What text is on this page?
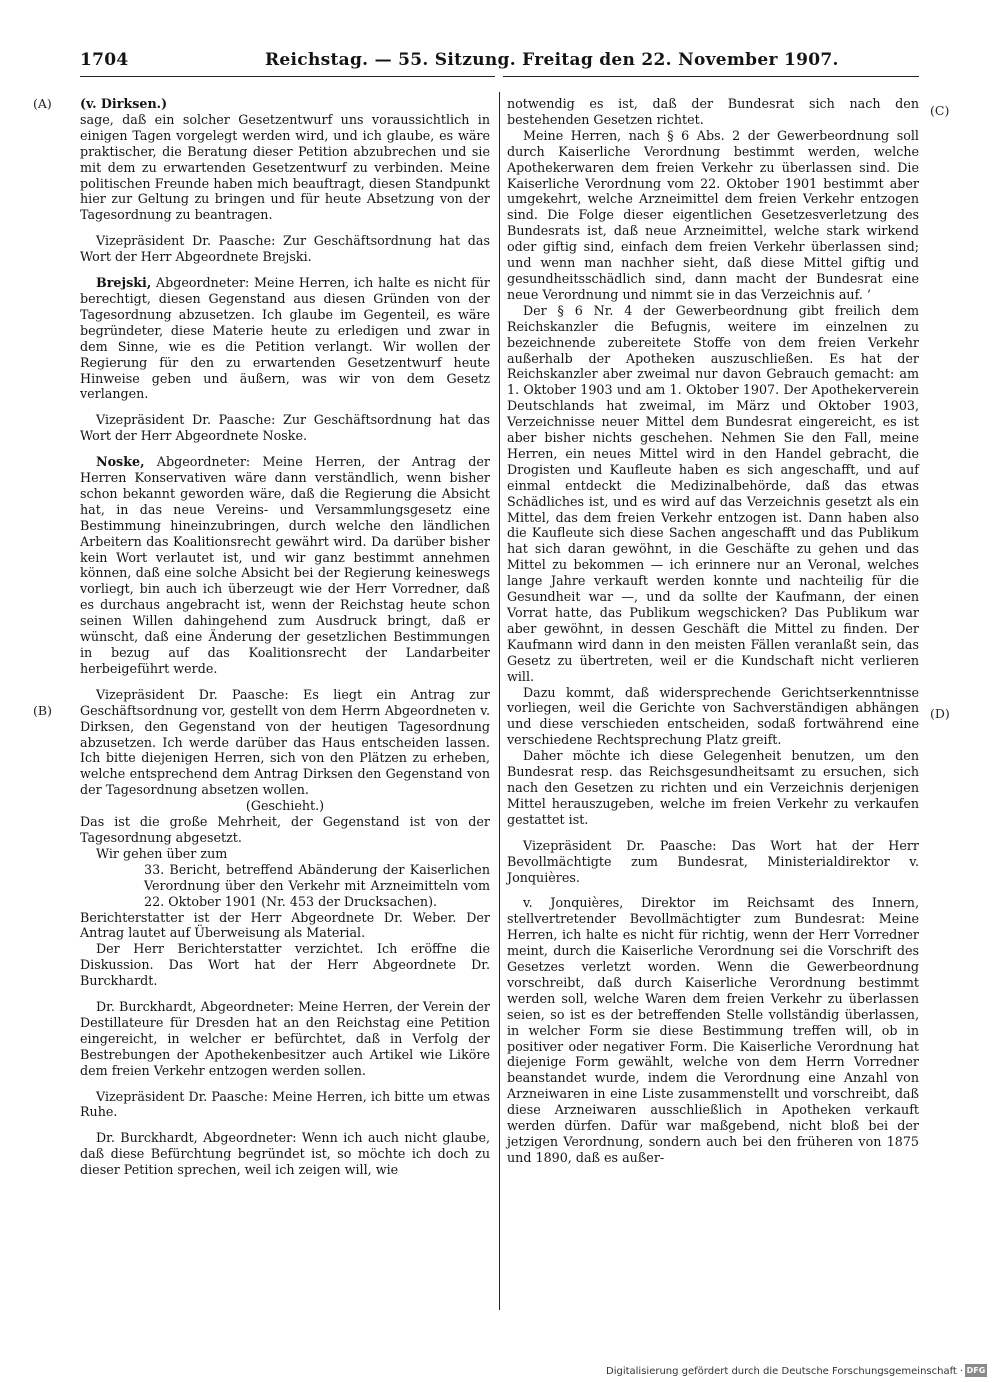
1704	Reichstag. — 55. Sitzung. Freitag den 22. November 1907.
(A)
(B)
(C)
(D)

(v. Dirksen.)

sage, daß ein solcher Gesetzentwurf uns voraussichtlich in einigen Tagen vorgelegt werden wird, und ich glaube, es wäre praktischer, die Beratung dieser Petition abzubrechen und sie mit dem zu erwartenden Gesetzentwurf zu verbinden. Meine politischen Freunde haben mich beauftragt, diesen Standpunkt hier zur Geltung zu bringen und für heute Absetzung von der Tagesordnung zu beantragen.

Vizepräsident Dr. Paasche: Zur Geschäftsordnung hat das Wort der Herr Abgeordnete Brejski.

Brejski, Abgeordneter: Meine Herren, ich halte es nicht für berechtigt, diesen Gegenstand aus diesen Gründen von der Tagesordnung abzusetzen. Ich glaube im Gegenteil, es wäre begründeter, diese Materie heute zu erledigen und zwar in dem Sinne, wie es die Petition verlangt. Wir wollen der Regierung für den zu erwartenden Gesetzentwurf heute Hinweise geben und äußern, was wir von dem Gesetz verlangen.

Vizepräsident Dr. Paasche: Zur Geschäftsordnung hat das Wort der Herr Abgeordnete Noske.

Noske, Abgeordneter: Meine Herren, der Antrag der Herren Konservativen wäre dann verständlich, wenn bisher schon bekannt geworden wäre, daß die Regierung die Absicht hat, in das neue Vereins- und Versammlungsgesetz eine Bestimmung hineinzubringen, durch welche den ländlichen Arbeitern das Koalitionsrecht gewährt wird. Da darüber bisher kein Wort verlautet ist, und wir ganz bestimmt annehmen können, daß eine solche Absicht bei der Regierung keineswegs vorliegt, bin auch ich überzeugt wie der Herr Vorredner, daß es durchaus angebracht ist, wenn der Reichstag heute schon seinen Willen dahingehend zum Ausdruck bringt, daß er wünscht, daß eine Änderung der gesetzlichen Bestimmungen in bezug auf das Koalitionsrecht der Landarbeiter herbeigeführt werde.

Vizepräsident Dr. Paasche: Es liegt ein Antrag zur Geschäftsordnung vor, gestellt von dem Herrn Abgeordneten v. Dirksen, den Gegenstand von der heutigen Tagesordnung abzusetzen. Ich werde darüber das Haus entscheiden lassen. Ich bitte diejenigen Herren, sich von den Plätzen zu erheben, welche entsprechend dem Antrag Dirksen den Gegenstand von der Tagesordnung absetzen wollen.

(Geschieht.)

Das ist die große Mehrheit, der Gegenstand ist von der Tagesordnung abgesetzt.

Wir gehen über zum

33. Bericht, betreffend Abänderung der Kaiserlichen Verordnung über den Verkehr mit Arzneimitteln vom 22. Oktober 1901 (Nr. 453 der Drucksachen).

Berichterstatter ist der Herr Abgeordnete Dr. Weber. Der Antrag lautet auf Überweisung als Material.

Der Herr Berichterstatter verzichtet. Ich eröffne die Diskussion. Das Wort hat der Herr Abgeordnete Dr. Burckhardt.

Dr. Burckhardt, Abgeordneter: Meine Herren, der Verein der Destillateure für Dresden hat an den Reichstag eine Petition eingereicht, in welcher er befürchtet, daß in Verfolg der Bestrebungen der Apothekenbesitzer auch Artikel wie Liköre dem freien Verkehr entzogen werden sollen.

Vizepräsident Dr. Paasche: Meine Herren, ich bitte um etwas Ruhe.

Dr. Burckhardt, Abgeordneter: Wenn ich auch nicht glaube, daß diese Befürchtung begründet ist, so möchte ich doch zu dieser Petition sprechen, weil ich zeigen will, wie

notwendig es ist, daß der Bundesrat sich nach den bestehenden Gesetzen richtet.

Meine Herren, nach § 6 Abs. 2 der Gewerbeordnung soll durch Kaiserliche Verordnung bestimmt werden, welche Apothekerwaren dem freien Verkehr zu überlassen sind. Die Kaiserliche Verordnung vom 22. Oktober 1901 bestimmt aber umgekehrt, welche Arzneimittel dem freien Verkehr entzogen sind. Die Folge dieser eigentlichen Gesetzesverletzung des Bundesrats ist, daß neue Arzneimittel, welche stark wirkend oder giftig sind, einfach dem freien Verkehr überlassen sind; und wenn man nachher sieht, daß diese Mittel giftig und gesundheitsschädlich sind, dann macht der Bundesrat eine neue Verordnung und nimmt sie in das Verzeichnis auf. ‘

Der § 6 Nr. 4 der Gewerbeordnung gibt freilich dem Reichskanzler die Befugnis, weitere im einzelnen zu bezeichnende zubereitete Stoffe von dem freien Verkehr außerhalb der Apotheken auszuschließen. Es hat der Reichskanzler aber zweimal nur davon Gebrauch gemacht: am 1. Oktober 1903 und am 1. Oktober 1907. Der Apothekerverein Deutschlands hat zweimal, im März und Oktober 1903, Verzeichnisse neuer Mittel dem Bundesrat eingereicht, es ist aber bisher nichts geschehen. Nehmen Sie den Fall, meine Herren, ein neues Mittel wird in den Handel gebracht, die Drogisten und Kaufleute haben es sich angeschafft, und auf einmal entdeckt die Medizinalbehörde, daß das etwas Schädliches ist, und es wird auf das Verzeichnis gesetzt als ein Mittel, das dem freien Verkehr entzogen ist. Dann haben also die Kaufleute sich diese Sachen angeschafft und das Publikum hat sich daran gewöhnt, in die Geschäfte zu gehen und das Mittel zu bekommen — ich erinnere nur an Veronal, welches lange Jahre verkauft werden konnte und nachteilig für die Gesundheit war —, und da sollte der Kaufmann, der einen Vorrat hatte, das Publikum wegschicken? Das Publikum war aber gewöhnt, in dessen Geschäft die Mittel zu finden. Der Kaufmann wird dann in den meisten Fällen veranlaßt sein, das Gesetz zu übertreten, weil er die Kundschaft nicht verlieren will.

Dazu kommt, daß widersprechende Gerichtserkenntnisse vorliegen, weil die Gerichte von Sachverständigen abhängen und diese verschieden entscheiden, sodaß fortwährend eine verschiedene Rechtsprechung Platz greift.

Daher möchte ich diese Gelegenheit benutzen, um den Bundesrat resp. das Reichsgesundheitsamt zu ersuchen, sich nach den Gesetzen zu richten und ein Verzeichnis derjenigen Mittel herauszugeben, welche im freien Verkehr zu verkaufen gestattet ist.

Vizepräsident Dr. Paasche: Das Wort hat der Herr Bevollmächtigte zum Bundesrat, Ministerialdirektor v. Jonquières.

v. Jonquières, Direktor im Reichsamt des Innern, stellvertretender Bevollmächtigter zum Bundesrat: Meine Herren, ich halte es nicht für richtig, wenn der Herr Vorredner meint, durch die Kaiserliche Verordnung sei die Vorschrift des Gesetzes verletzt worden. Wenn die Gewerbeordnung vorschreibt, daß durch Kaiserliche Verordnung bestimmt werden soll, welche Waren dem freien Verkehr zu überlassen seien, so ist es der betreffenden Stelle vollständig überlassen, in welcher Form sie diese Bestimmung treffen will, ob in positiver oder negativer Form. Die Kaiserliche Verordnung hat diejenige Form gewählt, welche von dem Herrn Vorredner beanstandet wurde, indem die Verordnung eine Anzahl von Arzneiwaren in eine Liste zusammenstellt und vorschreibt, daß diese Arzneiwaren ausschließlich in Apotheken verkauft werden dürfen. Dafür war maßgebend, nicht bloß bei der jetzigen Verordnung, sondern auch bei den früheren von 1875 und 1890, daß es außer-

Digitalisierung gefördert durch die Deutsche Forschungsgemeinschaft · DFG
